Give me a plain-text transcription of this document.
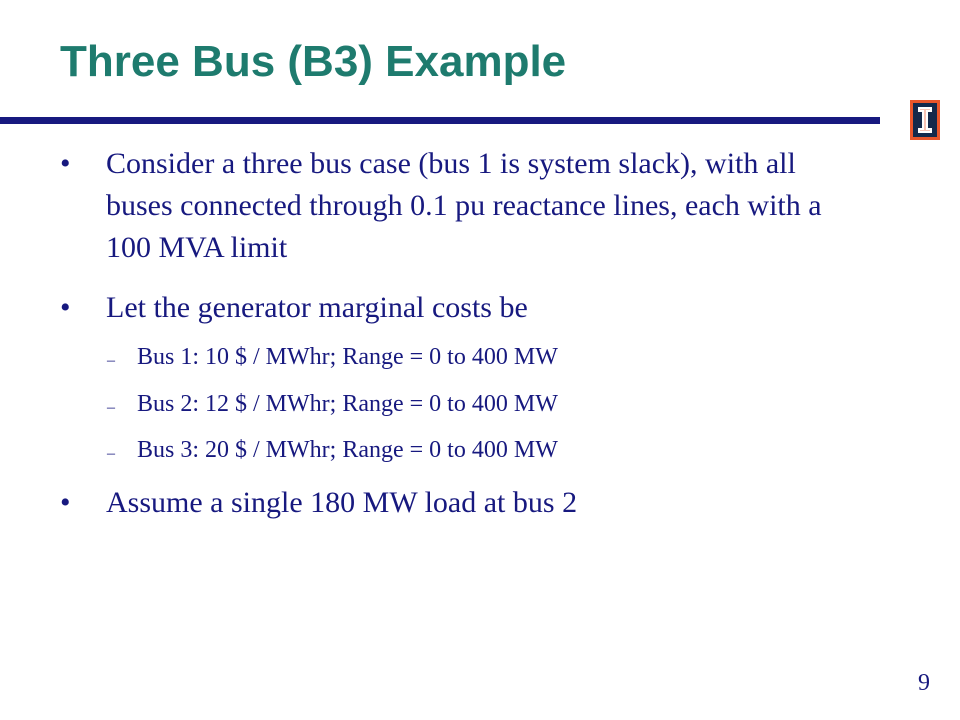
Three Bus (B3) Example
• Consider a three bus case (bus 1 is system slack), with all buses connected through 0.1 pu reactance lines, each with a 100 MVA limit
• Let the generator marginal costs be
– Bus 1: 10 $ / MWhr; Range = 0 to 400 MW
– Bus 2: 12 $ / MWhr; Range = 0 to 400 MW
– Bus 3: 20 $ / MWhr; Range = 0 to 400 MW
• Assume a single 180 MW load at bus 2
9
